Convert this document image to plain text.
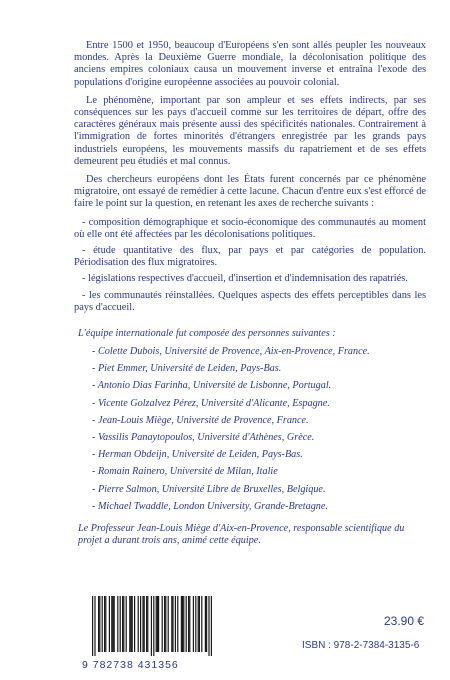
Entre 1500 et 1950, beaucoup d'Européens s'en sont allés peupler les nouveaux mondes. Après la Deuxième Guerre mondiale, la décolonisation politique des anciens empires coloniaux causa un mouvement inverse et entraîna l'exode des populations d'origine européenne associées au pouvoir colonial.

Le phénomène, important par son ampleur et ses effets indirects, par ses conséquences sur les pays d'accueil comme sur les territoires de départ, offre des caractères généraux mais présente aussi des spécificités nationales. Contrairement à l'immigration de fortes minorités d'étrangers enregistrée par les grands pays industriels européens, les mouvements massifs du rapatriement et de ses effets demeurent peu étudiés et mal connus.

Des chercheurs européens dont les États furent concernés par ce phénomène migratoire, ont essayé de remédier à cette lacune. Chacun d'entre eux s'est efforcé de faire le point sur la question, en retenant les axes de recherche suivants :

- composition démographique et socio-économique des communautés au moment où elle ont été affectées par les décolonisations politiques.

- étude quantitative des flux, par pays et par catégories de population. Périodisation des flux migratoires.

- législations respectives d'accueil, d'insertion et d'indemnisation des rapatriés.

- les communautés réinstallées. Quelques aspects des effets perceptibles dans les pays d'accueil.

L'équipe internationale fut composée des personnes suivantes :

- Colette Dubois, Université de Provence, Aix-en-Provence, France.
- Piet Emmer, Université de Leiden, Pays-Bas.
- Antonio Dias Farinha, Université de Lisbonne, Portugal.
- Vicente Golzalvez Pérez, Université d'Alicante, Espagne.
- Jean-Louis Miège, Université de Provence, France.
- Vassilis Panaytopoulos, Université d'Athènes, Grèce.
- Herman Obdeijn, Université de Leiden, Pays-Bas.
- Romain Rainero, Université de Milan, Italie
- Pierre Salmon, Université Libre de Bruxelles, Belgique.
- Michael Twaddle, London University, Grande-Bretagne.

Le Professeur Jean-Louis Miège d'Aix-en-Provence, responsable scientifique du projet a durant trois ans, animé cette équipe.

9 782738 431356
23.90 €
ISBN : 978-2-7384-3135-6
